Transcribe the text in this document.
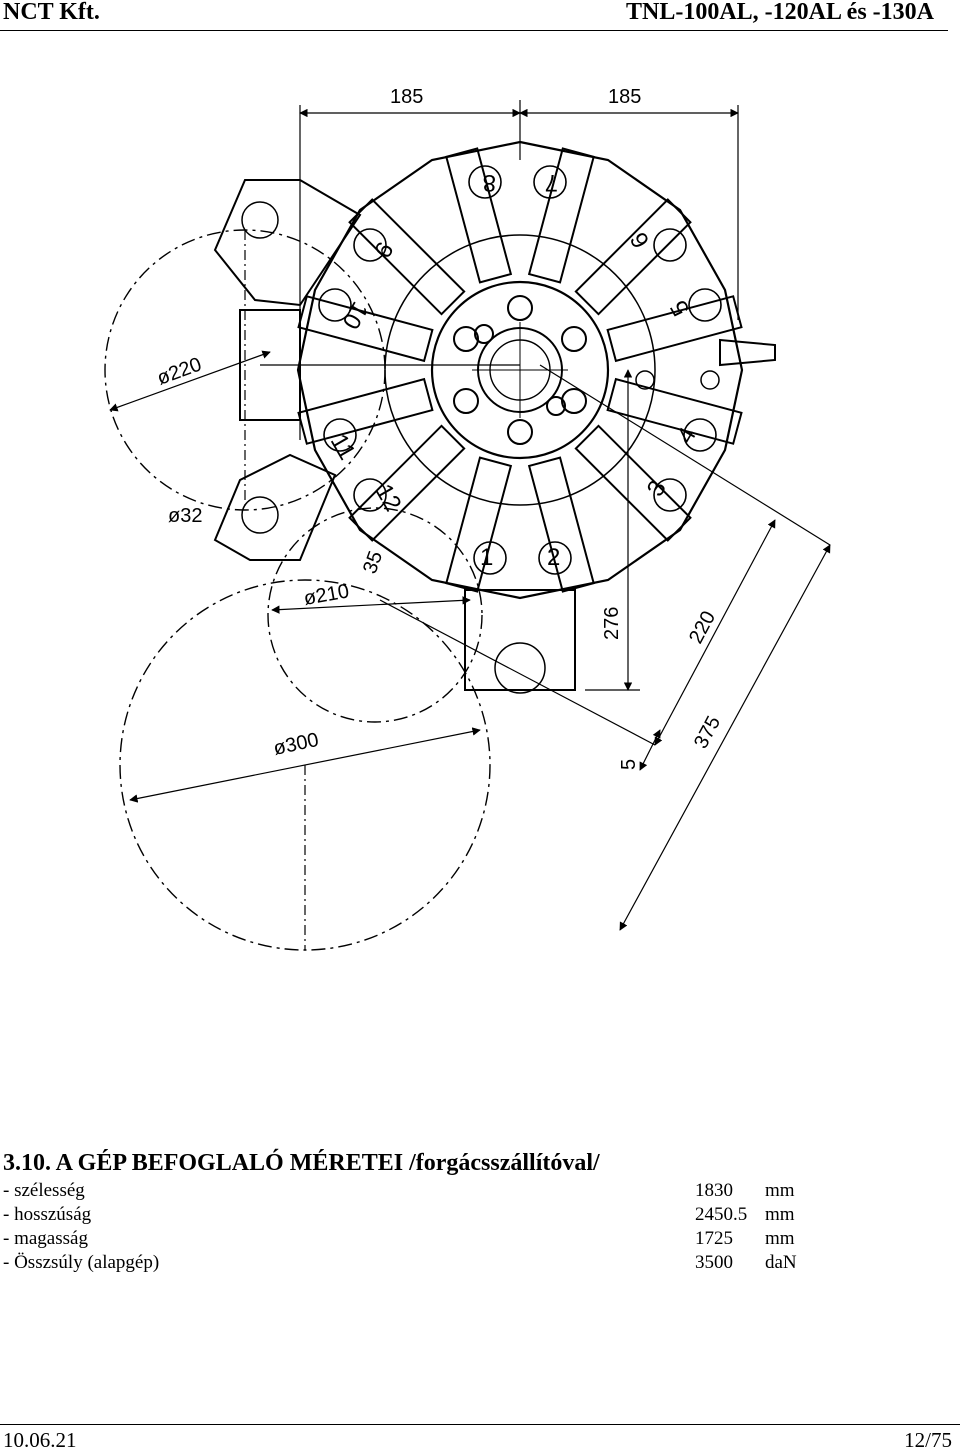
NCT Kft.	TNL-100AL, -120AL és -130A
185	185
ø220
ø32
35
ø210
ø300
276	220
375
5
1 2
3
4
5
6
7
8
9
10
11
12
3.10. A GÉP BEFOGLALÓ MÉRETEI /forgácsszállítóval/
- szélesség	1830 mm
- hosszúság	2450.5 mm
- magasság	1725 mm
- Összsúly (alapgép)	3500 daN
10.06.21	12/75
